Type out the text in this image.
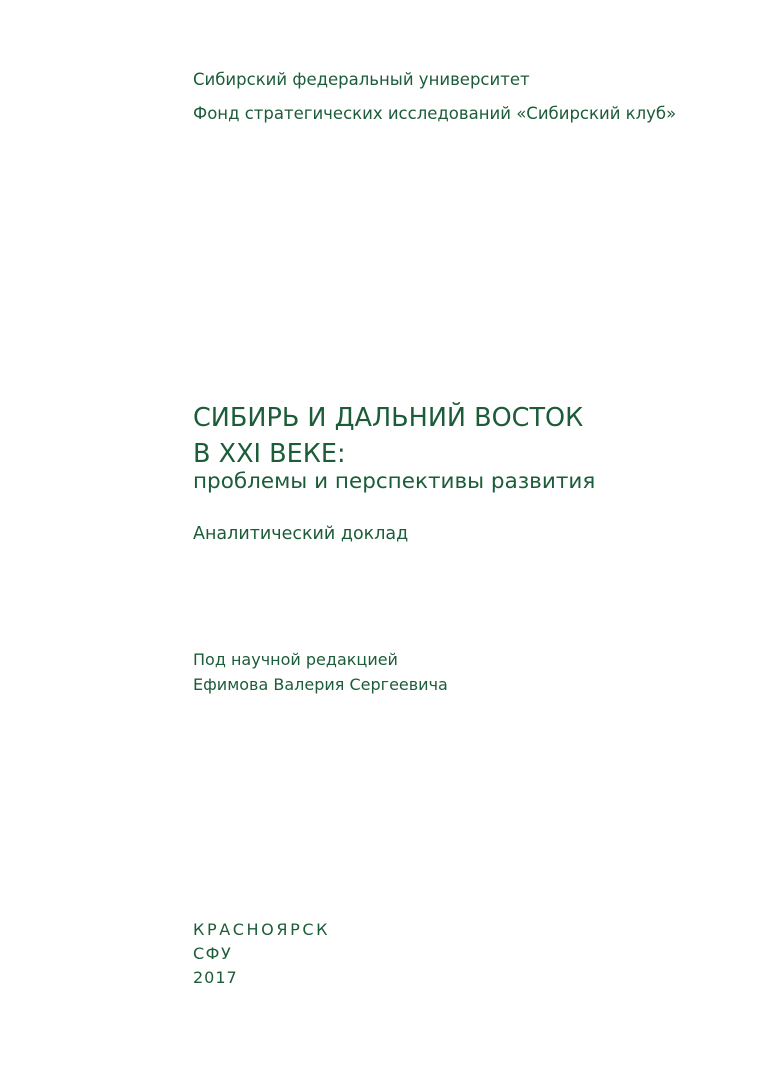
Сибирский федеральный университет
Фонд стратегических исследований «Сибирский клуб»
СИБИРЬ И ДАЛЬНИЙ ВОСТОК
В XXI ВЕКЕ:
проблемы и перспективы развития
Аналитический доклад
Под научной редакцией
Ефимова Валерия Сергеевича
КРАСНОЯРСК
СФУ
2017
